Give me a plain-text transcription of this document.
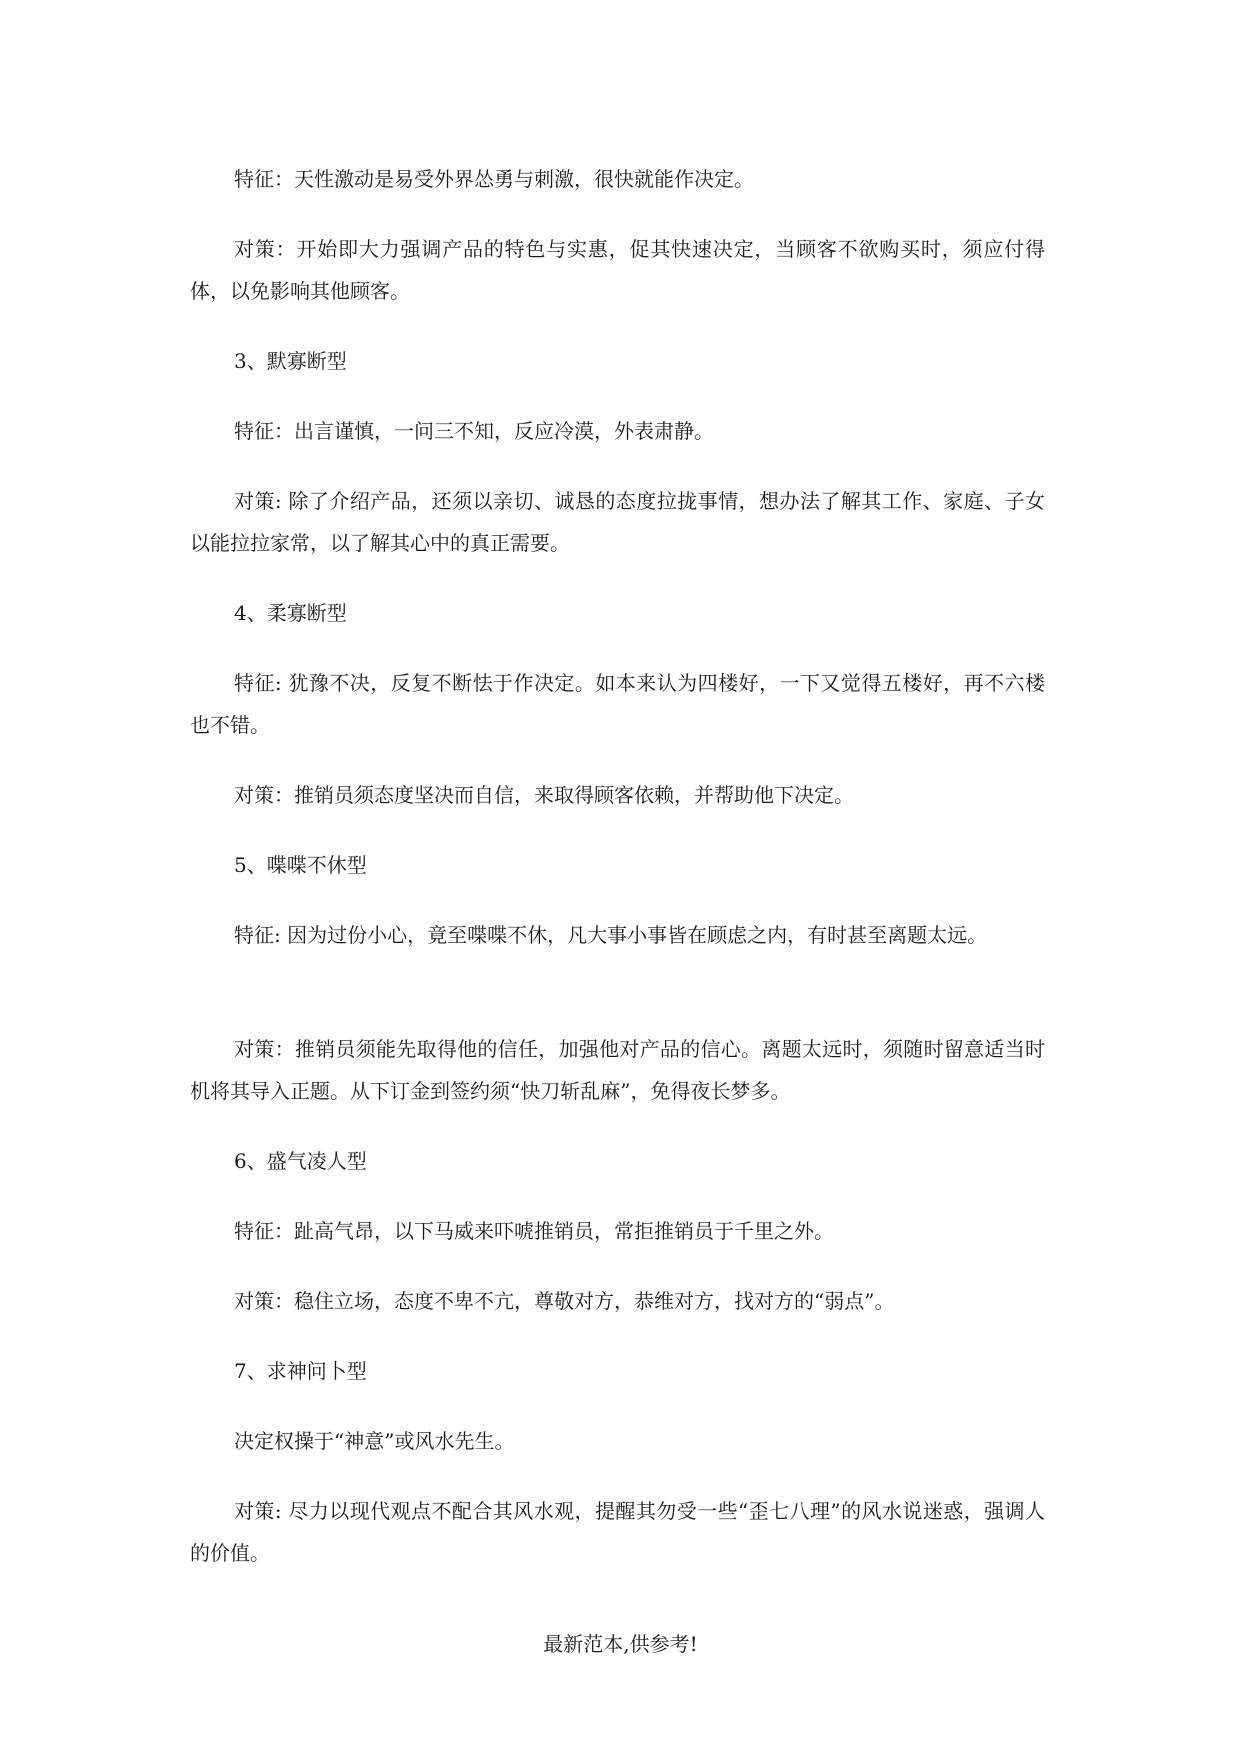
特征：天性激动是易受外界怂勇与刺激，很快就能作决定。

对策：开始即大力强调产品的特色与实惠，促其快速决定，当顾客不欲购买时，须应付得体，以免影响其他顾客。

3、默寡断型

特征：出言谨慎，一问三不知，反应冷漠，外表肃静。

对策: 除了介绍产品，还须以亲切、诚恳的态度拉拢事情，想办法了解其工作、家庭、子女以能拉拉家常，以了解其心中的真正需要。

4、柔寡断型

特征: 犹豫不决，反复不断怯于作决定。如本来认为四楼好，一下又觉得五楼好，再不六楼也不错。

对策：推销员须态度坚决而自信，来取得顾客依赖，并帮助他下决定。

5、喋喋不休型

特征: 因为过份小心，竟至喋喋不休，凡大事小事皆在顾虑之内，有时甚至离题太远。

对策：推销员须能先取得他的信任，加强他对产品的信心。离题太远时，须随时留意适当时机将其导入正题。从下订金到签约须“快刀斩乱麻”，免得夜长梦多。

6、盛气凌人型

特征：趾高气昂，以下马威来吓唬推销员，常拒推销员于千里之外。

对策：稳住立场，态度不卑不亢，尊敬对方，恭维对方，找对方的“弱点”。

7、求神问卜型

决定权操于“神意”或风水先生。

对策: 尽力以现代观点不配合其风水观，提醒其勿受一些“歪七八理”的风水说迷惑，强调人的价值。

最新范本,供参考!
